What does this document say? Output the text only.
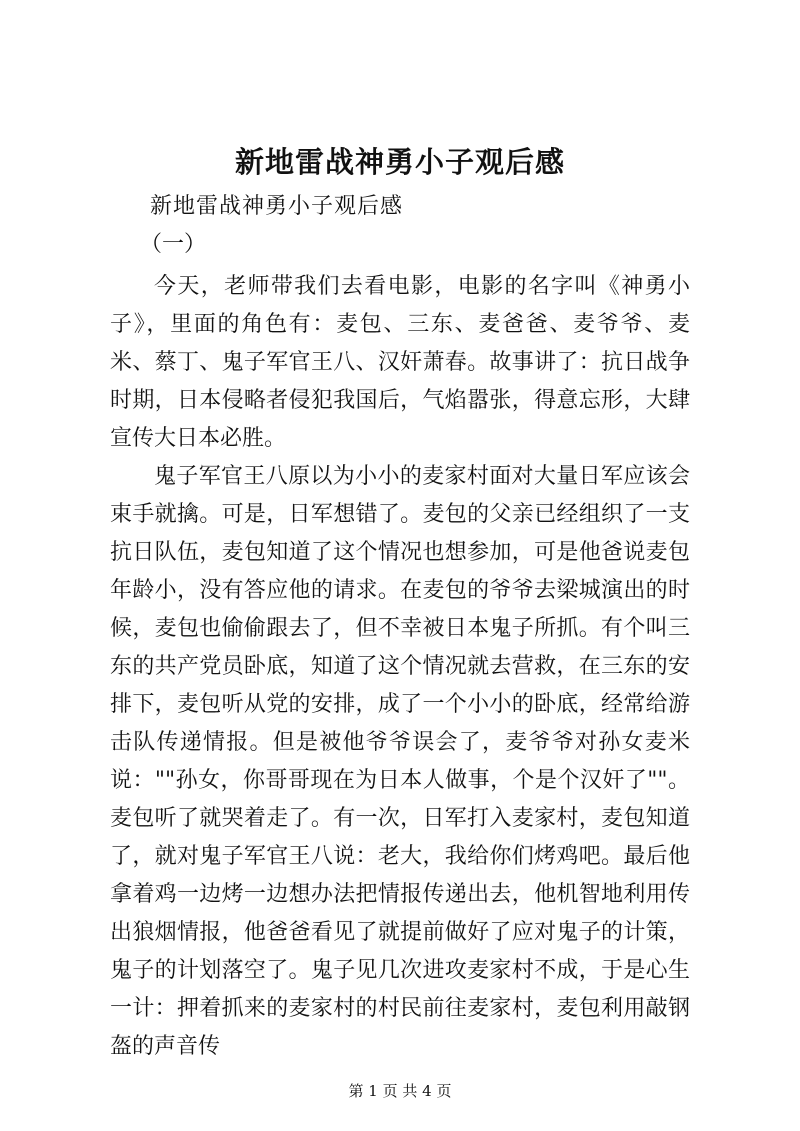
新地雷战神勇小子观后感
新地雷战神勇小子观后感
（一）

今天，老师带我们去看电影，电影的名字叫《神勇小子》，里面的角色有：麦包、三东、麦爸爸、麦爷爷、麦米、蔡丁、鬼子军官王八、汉奸萧春。故事讲了：抗日战争时期，日本侵略者侵犯我国后，气焰嚣张，得意忘形，大肆宣传大日本必胜。

鬼子军官王八原以为小小的麦家村面对大量日军应该会束手就擒。可是，日军想错了。麦包的父亲已经组织了一支抗日队伍，麦包知道了这个情况也想参加，可是他爸说麦包年龄小，没有答应他的请求。在麦包的爷爷去梁城演出的时候，麦包也偷偷跟去了，但不幸被日本鬼子所抓。有个叫三东的共产党员卧底，知道了这个情况就去营救，在三东的安排下，麦包听从党的安排，成了一个小小的卧底，经常给游击队传递情报。但是被他爷爷误会了，麦爷爷对孙女麦米说：""孙女，你哥哥现在为日本人做事，个是个汉奸了""。麦包听了就哭着走了。有一次，日军打入麦家村，麦包知道了，就对鬼子军官王八说：老大，我给你们烤鸡吧。最后他拿着鸡一边烤一边想办法把情报传递出去，他机智地利用传出狼烟情报，他爸爸看见了就提前做好了应对鬼子的计策，鬼子的计划落空了。鬼子见几次进攻麦家村不成，于是心生一计：押着抓来的麦家村的村民前往麦家村，麦包利用敲钢盔的声音传

第 1 页 共 4 页
